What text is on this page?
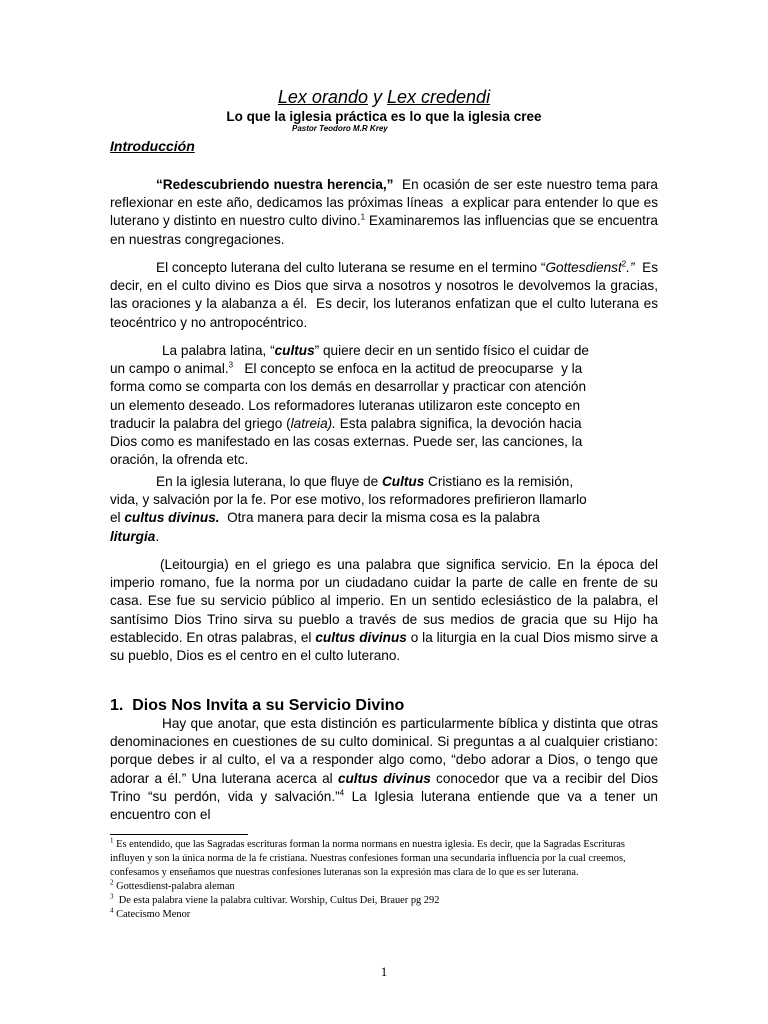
Lex orando y Lex credendi
Lo que la iglesia práctica es lo que la iglesia cree
Pastor Teodoro M.R Krey
Introducción

“Redescubriendo nuestra herencia,”  En ocasión de ser este nuestro tema para reflexionar en este año, dedicamos las próximas líneas  a explicar para entender lo que es luterano y distinto en nuestro culto divino.$^1$ Examinaremos las influencias que se encuentra en nuestras congregaciones.

El concepto luterana del culto luterana se resume en el termino “Gottesdienst$^2$.”  Es decir, en el culto divino es Dios que sirva a nosotros y nosotros le devolvemos la gracias, las oraciones y la alabanza a él.  Es decir, los luteranos enfatizan que el culto luterana es teocéntrico y no antropocéntrico.

La palabra latina, “cultus” quiere decir en un sentido físico el cuidar de
un campo o animal.$^3$   El concepto se enfoca en la actitud de preocuparse  y la
forma como se comparta con los demás en desarrollar y practicar con atención
un elemento deseado. Los reformadores luteranas utilizaron este concepto en
traducir la palabra del griego (latreia). Esta palabra significa, la devoción hacia
Dios como es manifestado en las cosas externas. Puede ser, las canciones, la
oración, la ofrenda etc.

En la iglesia luterana, lo que fluye de Cultus Cristiano es la remisión,
vida, y salvación por la fe. Por ese motivo, los reformadores prefirieron llamarlo
el cultus divinus.  Otra manera para decir la misma cosa es la palabra
liturgia.

(Leitourgia) en el griego es una palabra que significa servicio. En la época del imperio romano, fue la norma por un ciudadano cuidar la parte de calle en frente de su casa. Ese fue su servicio público al imperio. En un sentido eclesiástico de la palabra, el santísimo Dios Trino sirva su pueblo a través de sus medios de gracia que su Hijo ha establecido. En otras palabras, el cultus divinus o la liturgia en la cual Dios mismo sirve a su pueblo, Dios es el centro en el culto luterano.

1.  Dios Nos Invita a su Servicio Divino

Hay que anotar, que esta distinción es particularmente bíblica y distinta que otras denominaciones en cuestiones de su culto dominical. Si preguntas a al cualquier cristiano: porque debes ir al culto, el va a responder algo como, “debo adorar a Dios, o tengo que adorar a él.” Una luterana acerca al cultus divinus conocedor que va a recibir del Dios Trino “su perdón, vida y salvación.”$^4$ La Iglesia luterana entiende que va a tener un encuentro con el

$^1$ Es entendido, que las Sagradas escrituras forman la norma normans en nuestra iglesia. Es decir, que la Sagradas Escrituras influyen y son la única norma de la fe cristiana. Nuestras confesiones forman una secundaria influencia por la cual creemos, confesamos y enseñamos que nuestras confesiones luteranas son la expresión mas clara de lo que es ser luterana.

$^2$ Gottesdienst-palabra aleman

$^3$  De esta palabra viene la palabra cultivar. Worship, Cultus Dei, Brauer pg 292

$^4$ Catecismo Menor

1
